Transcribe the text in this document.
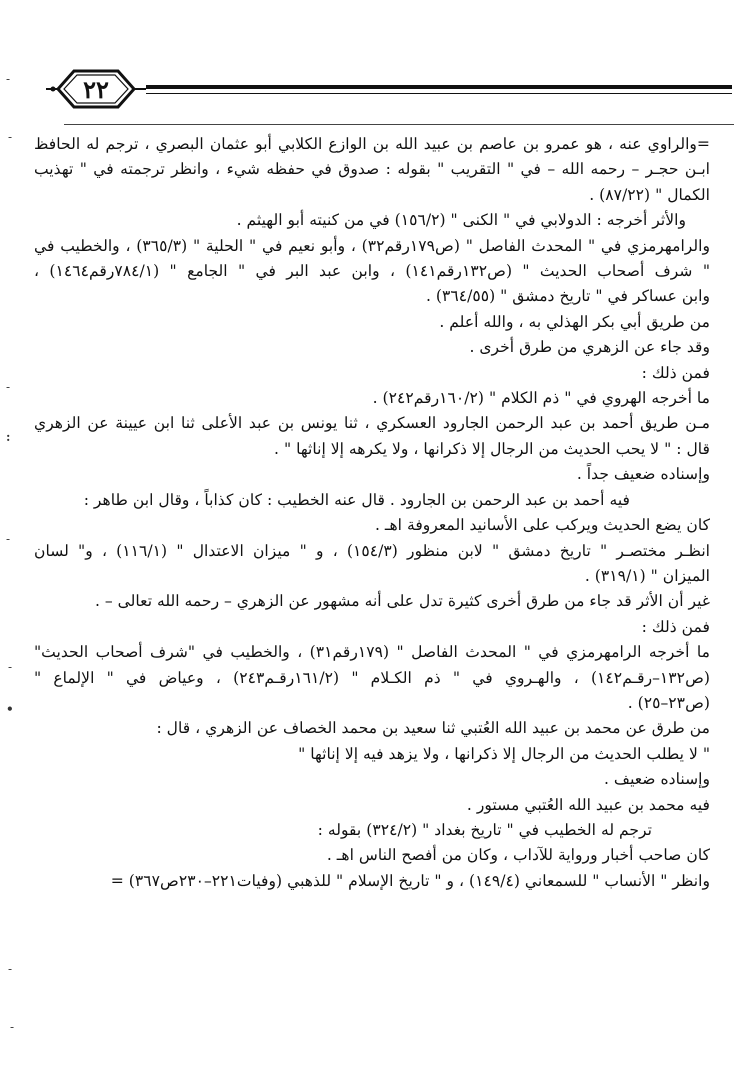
٢٢

=والراوي عنه ، هو عمرو بن عاصم بن عبيد الله بن الوازع الكلابي أبو عثمان البصري ، ترجم له الحافظ

ابـن حجـر – رحمه الله – في " التقريب " بقوله : صدوق في حفظه شيء ، وانظر ترجمته في " تهذيب

الكمال " (٨٧/٢٢) .

والأثر أخرجه : الدولابي في " الكنى " (١٥٦/٢) في من كنيته أبو الهيثم .

والرامهرمزي في " المحدث الفاصل " (ص١٧٩رقم٣٢) ، وأبو نعيم في " الحلية " (٣٦٥/٣) ، والخطيب في

" شرف أصحاب الحديث " (ص١٣٢رقم١٤١) ، وابن عبد البر في " الجامع " (٧٨٤/١رقم١٤٦٤) ،

وابن عساكر في " تاريخ دمشق " (٣٦٤/٥٥) .

من طريق أبي بكر الهذلي به ، والله أعلم .

وقد جاء عن الزهري من طرق أخرى .

فمن ذلك :

ما أخرجه الهروي في " ذم الكلام " (١٦٠/٢رقم٢٤٢) .

مـن طريق أحمد بن عبد الرحمن الجارود العسكري ، ثنا يونس بن عبد الأعلى ثنا ابن عيينة عن الزهري

قال : " لا يحب الحديث من الرجال إلا ذكرانها ، ولا يكرهه إلا إناثها " .

وإسناده ضعيف جداً .

فيه أحمد بن عبد الرحمن بن الجارود . قال عنه الخطيب : كان كذاباً ، وقال ابن طاهر :

كان يضع الحديث ويركب على الأسانيد المعروفة اهـ .

انظـر مختصـر " تاريخ دمشق " لابن منظور (١٥٤/٣) ، و " ميزان الاعتدال " (١١٦/١) ، و" لسان

الميزان " (٣١٩/١) .

غير أن الأثر قد جاء من طرق أخرى كثيرة تدل على أنه مشهور عن الزهري – رحمه الله تعالى – .

فمن ذلك :

ما أخرجه الرامهرمزي في " المحدث الفاصل " (١٧٩رقم٣١) ، والخطيب في "شرف أصحاب الحديث"

(ص١٣٢–رقـم١٤٢) ، والهـروي في " ذم الكـلام " (١٦١/٢رقـم٢٤٣) ، وعياض في " الإلماع "

(ص٢٣–٢٥) .

من طرق عن محمد بن عبيد الله العُتبي ثنا سعيد بن محمد الخصاف عن الزهري ، قال :

" لا يطلب الحديث من الرجال إلا ذكرانها ، ولا يزهد فيه إلا إناثها "

وإسناده ضعيف .

فيه محمد بن عبيد الله العُتبي مستور .

ترجم له الخطيب في " تاريخ بغداد " (٣٢٤/٢) بقوله :

كان صاحب أخبار ورواية للآداب ، وكان من أفصح الناس اهـ .

وانظر " الأنساب " للسمعاني (١٤٩/٤) ، و " تاريخ الإسلام " للذهبي (وفيات٢٢١–٢٣٠ص٣٦٧) =

-
-
-
:
-
-
•
-
-
